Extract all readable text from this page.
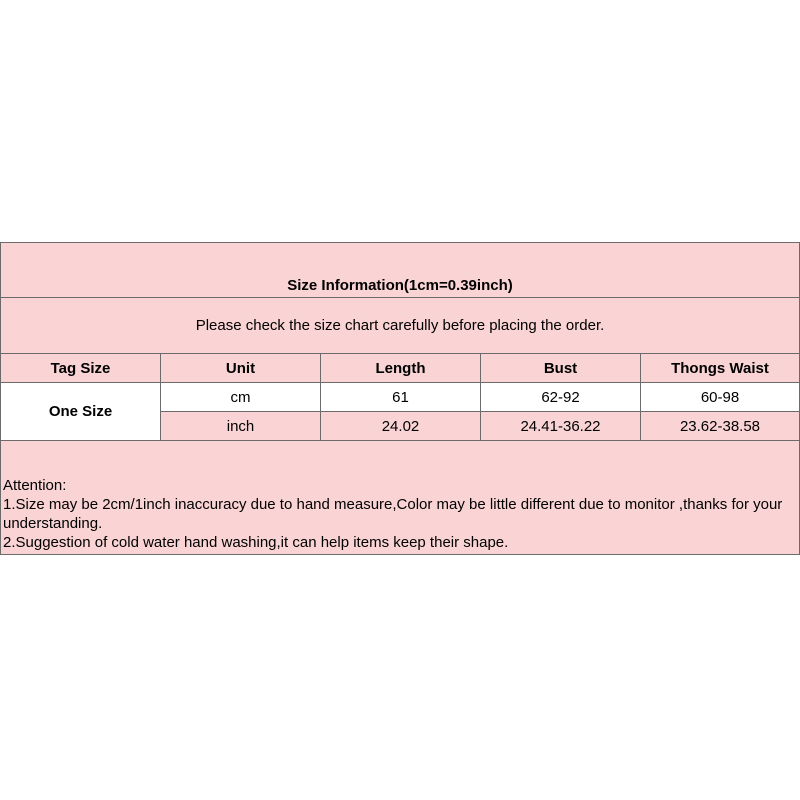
Size Information(1cm=0.39inch)				
Please check the size chart carefully before placing the order.				
Tag Size	Unit	Length	Bust	Thongs Waist
One Size	cm	61	62-92	60-98
	inch	24.02	24.41-36.22	23.62-38.58

Attention:
1.Size may be 2cm/1inch inaccuracy due to hand measure,Color may be little different due to monitor ,thanks for your understanding.
2.Suggestion of cold water hand washing,it can help items keep their shape.				
